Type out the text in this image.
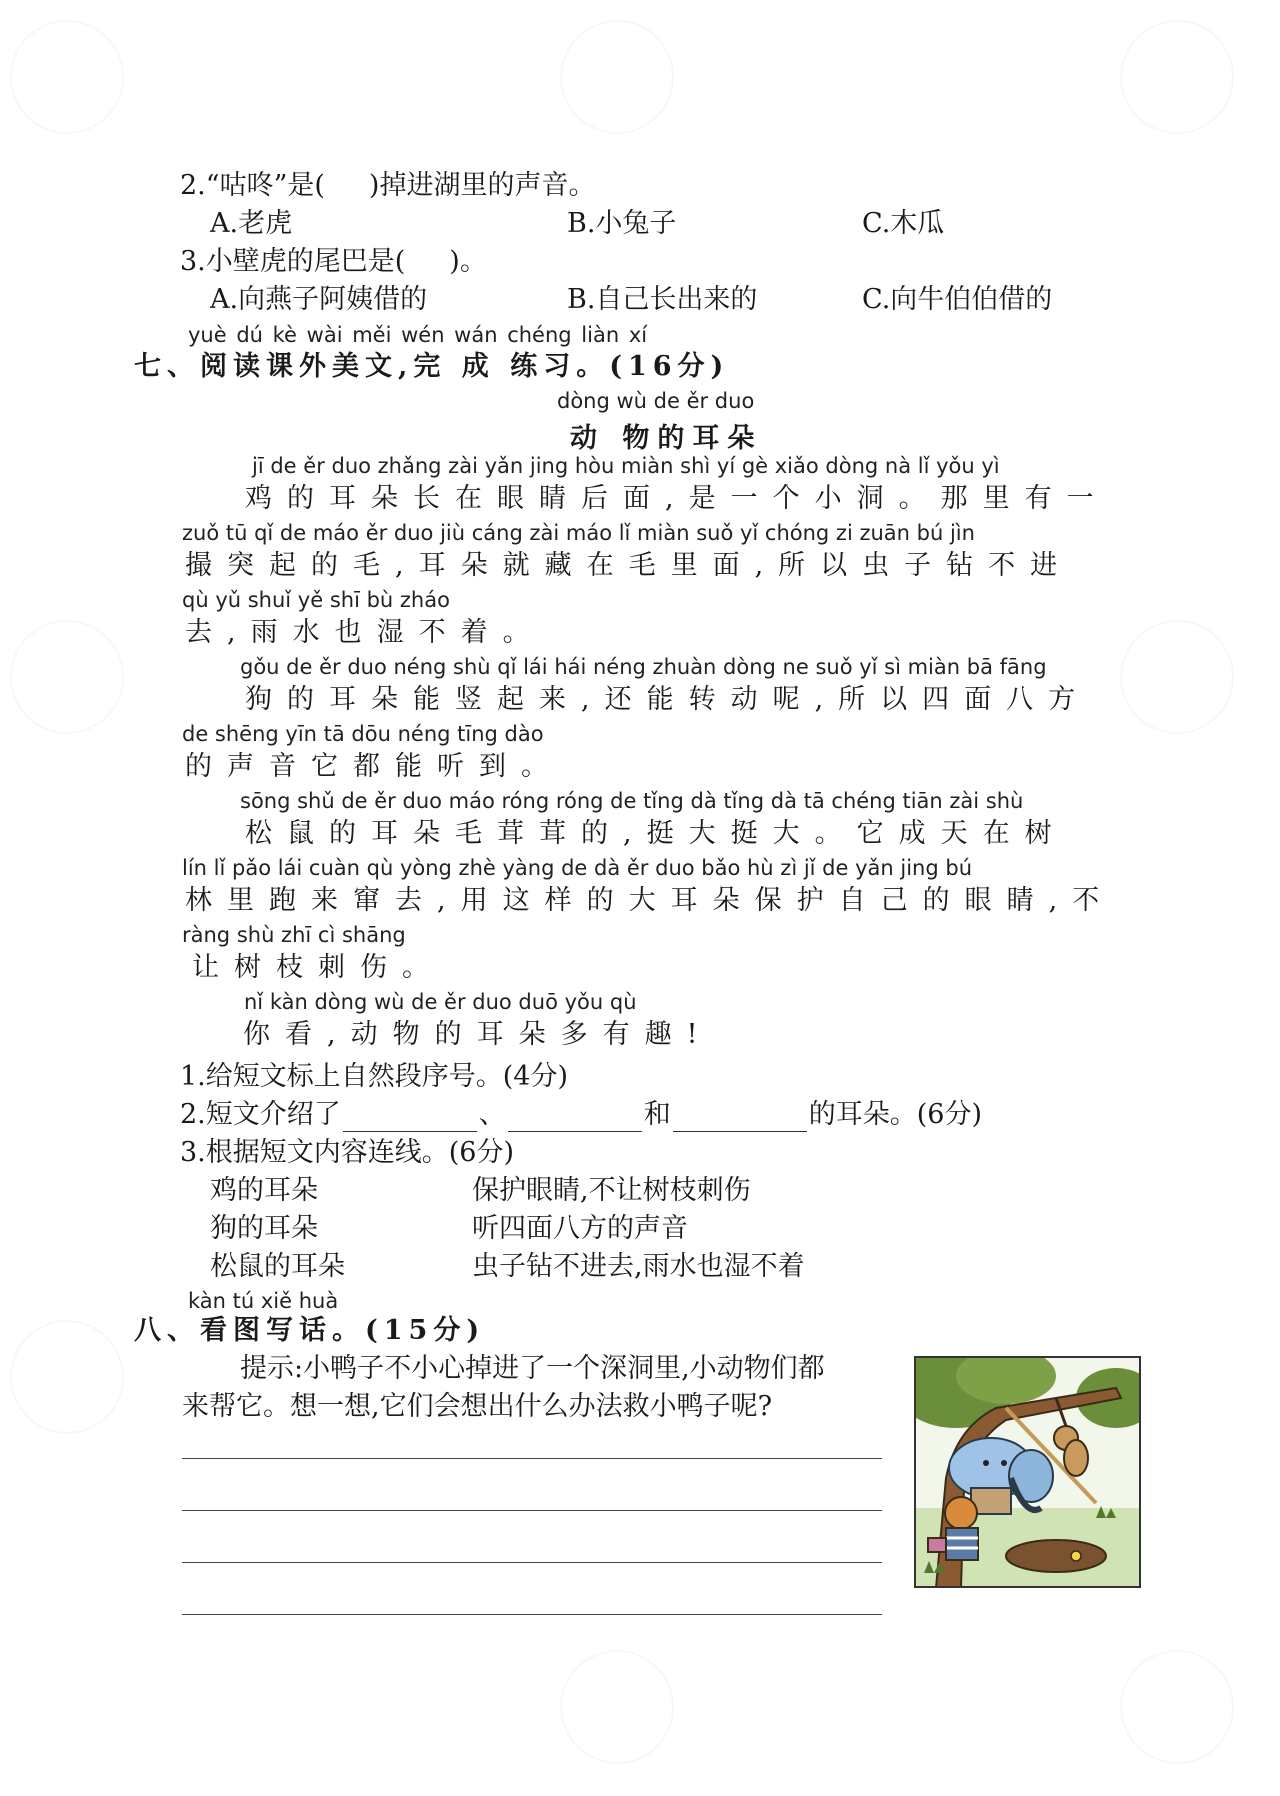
2.“咕咚”是( )掉进湖里的声音。
A.老虎	B.小兔子	C.木瓜
3.小壁虎的尾巴是( )。
A.向燕子阿姨借的	B.自己长出来的	C.向牛伯伯借的
yuè dú kè wài měi wén wán chéng liàn xí
七、阅读课外美文,完 成 练习。(16分)
dòng wù de ěr duo
动 物的耳朵
jī de ěr duo zhǎng zài yǎn jing hòu miàn shì yí gè xiǎo dòng nà lǐ yǒu yì
鸡的耳朵长在眼睛后面,是一个小洞。那里有一
zuǒ tū qǐ de máo ěr duo jiù cáng zài máo lǐ miàn suǒ yǐ chóng zi zuān bú jìn
撮突起的毛,耳朵就藏在毛里面,所以虫子钻不进
qù yǔ shuǐ yě shī bù zháo
去,雨水也湿不着。
gǒu de ěr duo néng shù qǐ lái hái néng zhuàn dòng ne suǒ yǐ sì miàn bā fāng
狗的耳朵能竖起来,还能转动呢,所以四面八方
de shēng yīn tā dōu néng tīng dào
的声音它都能听到。
sōng shǔ de ěr duo máo róng róng de tǐng dà tǐng dà tā chéng tiān zài shù
松鼠的耳朵毛茸茸的,挺大挺大。它成天在树
lín lǐ pǎo lái cuàn qù yòng zhè yàng de dà ěr duo bǎo hù zì jǐ de yǎn jing bú
林里跑来窜去,用这样的大耳朵保护自己的眼睛,不
ràng shù zhī cì shāng
让树枝刺伤。
nǐ kàn dòng wù de ěr duo duō yǒu qù
你看,动物的耳朵多有趣!
1.给短文标上自然段序号。(4分)
2.短文介绍了	、	和	的耳朵。(6分)
3.根据短文内容连线。(6分)
鸡的耳朵
狗的耳朵
松鼠的耳朵
保护眼睛,不让树枝刺伤
听四面八方的声音
虫子钻不进去,雨水也湿不着
kàn tú xiě huà
八、看图写话。(15分)
提示:小鸭子不小心掉进了一个深洞里,小动物们都
来帮它。想一想,它们会想出什么办法救小鸭子呢?
